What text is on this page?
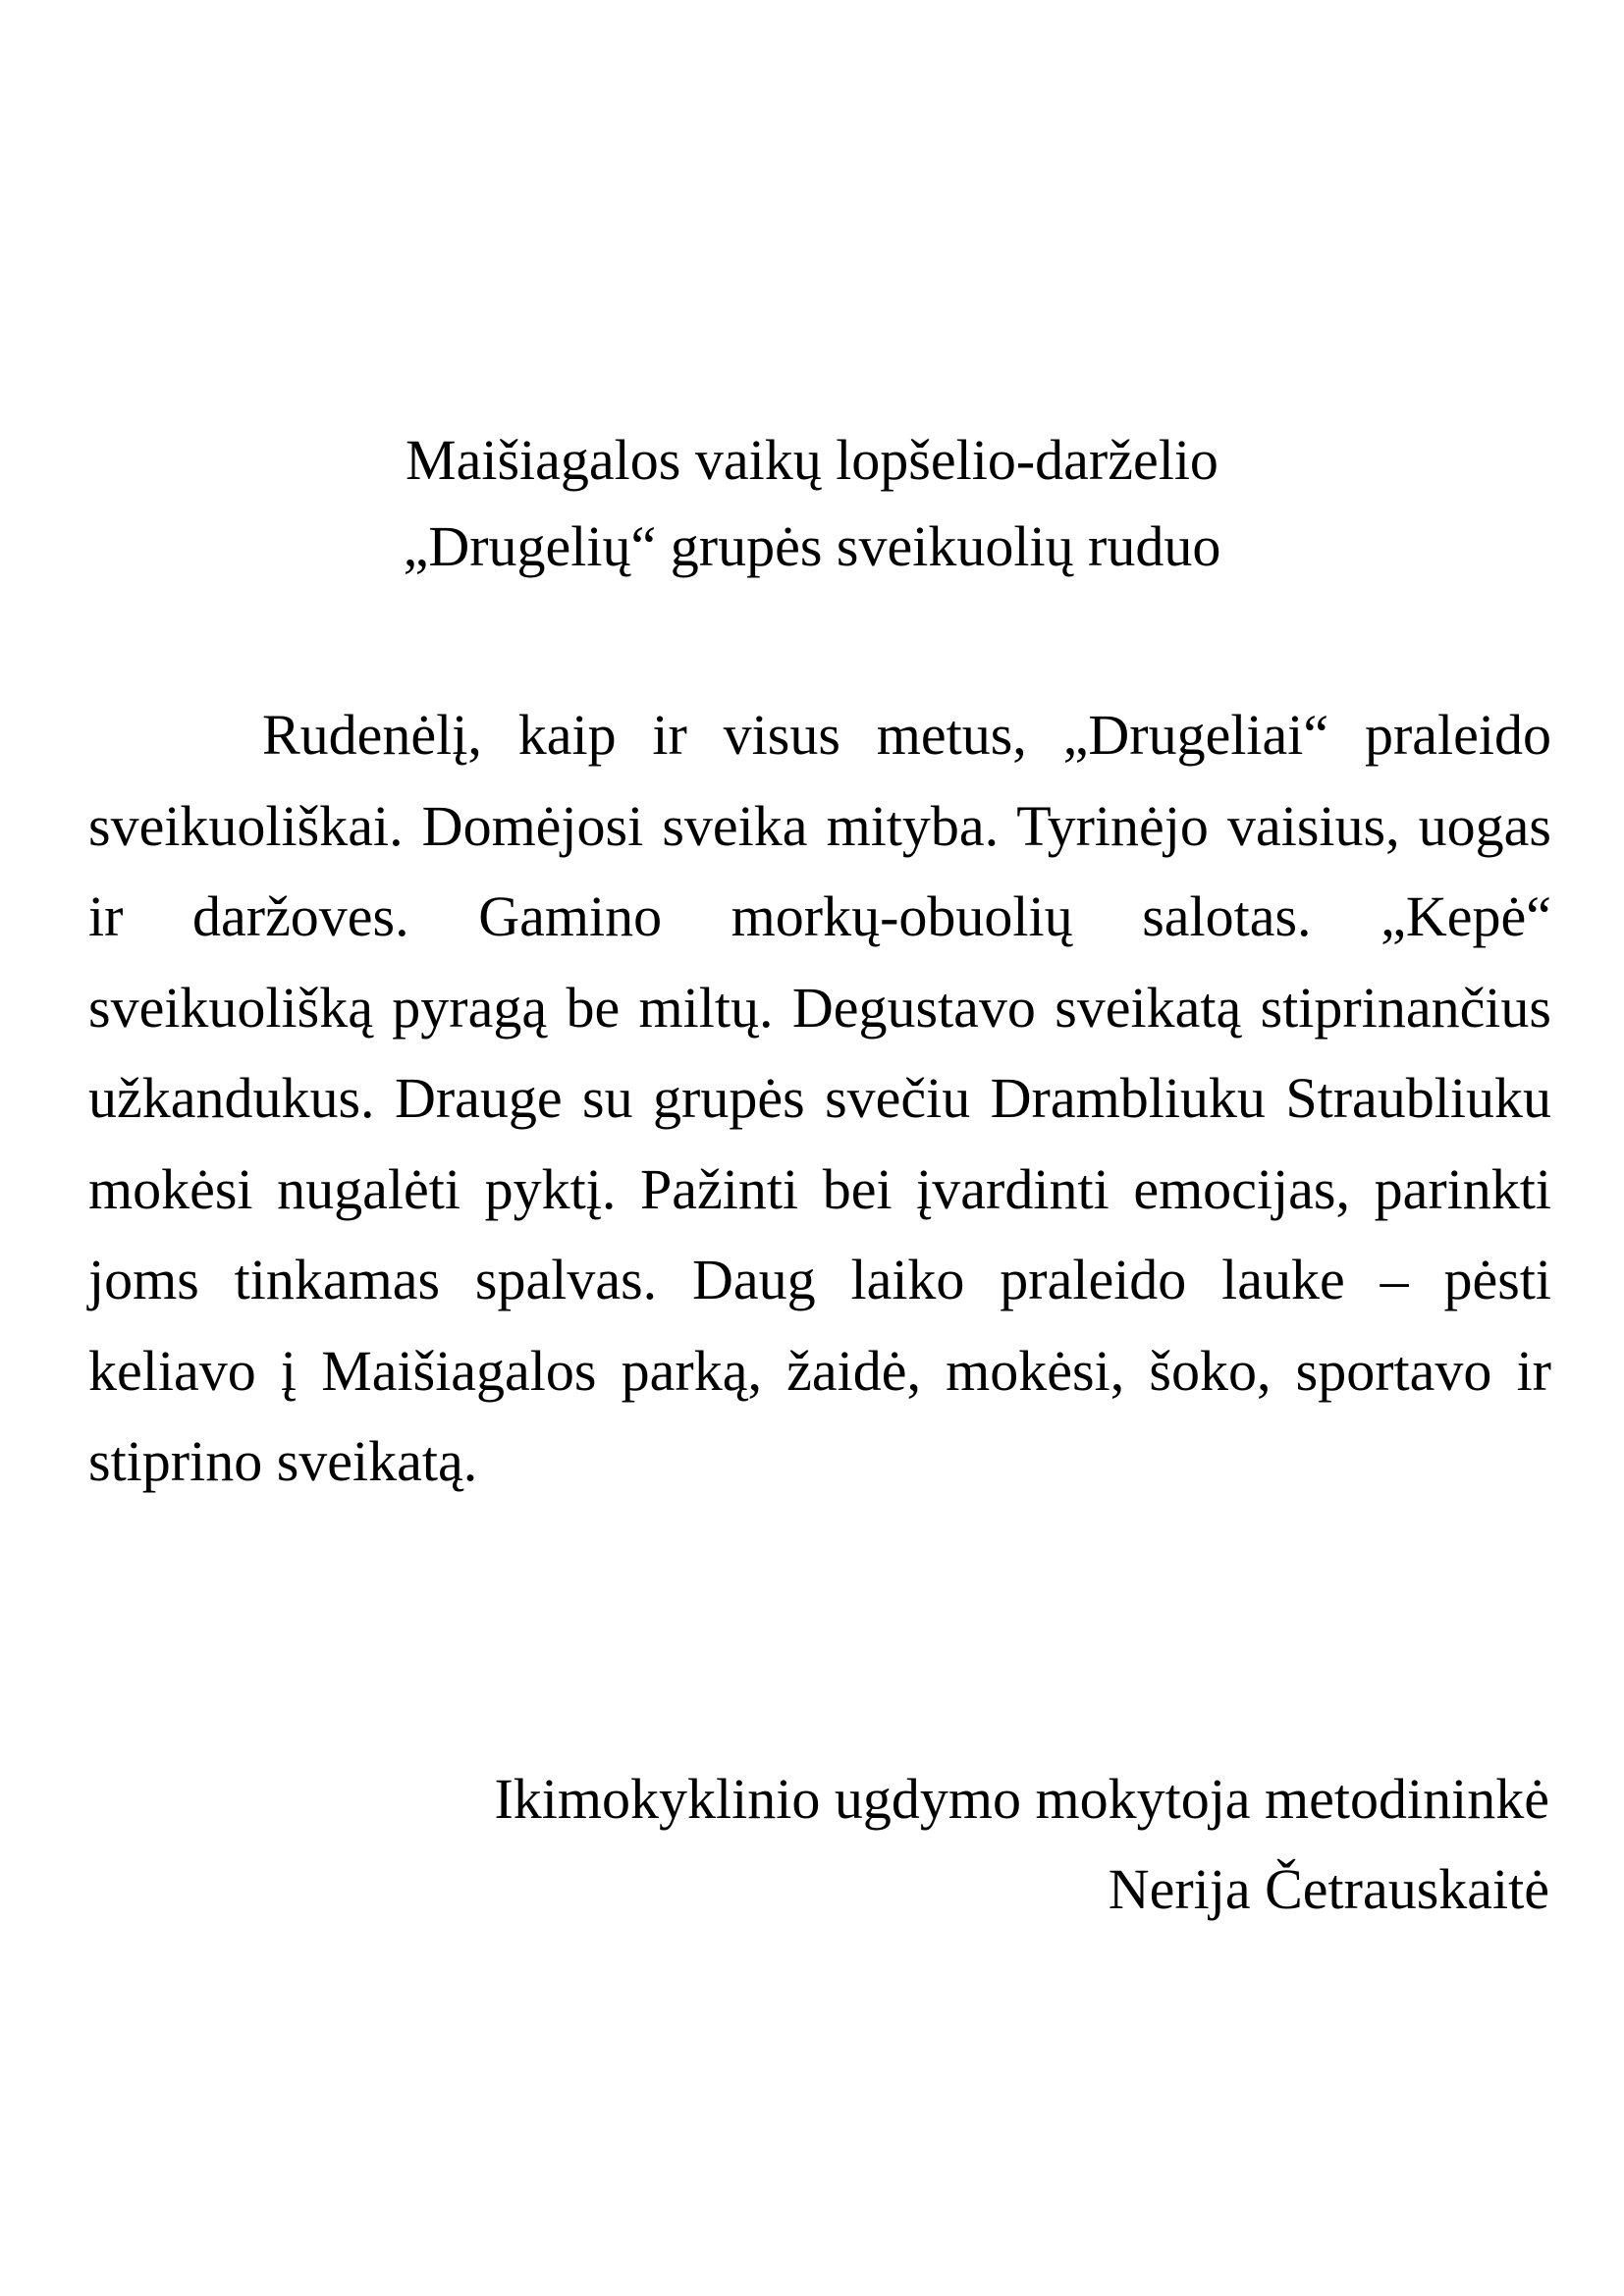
Maišiagalos vaikų lopšelio-darželio
„Drugelių“ grupės sveikuolių ruduo

Rudenėlį, kaip ir visus metus, „Drugeliai“ praleido sveikuoliškai. Domėjosi sveika mityba. Tyrinėjo vaisius, uogas ir daržoves. Gamino morkų-obuolių salotas. „Kepė“ sveikuolišką pyragą be miltų. Degustavo sveikatą stiprinančius užkandukus. Drauge su grupės svečiu Drambliuku Straubliuku mokėsi nugalėti pyktį. Pažinti bei įvardinti emocijas, parinkti joms tinkamas spalvas. Daug laiko praleido lauke – pėsti keliavo į Maišiagalos parką, žaidė, mokėsi, šoko, sportavo ir stiprino sveikatą.

Ikimokyklinio ugdymo mokytoja metodininkė
Nerija Četrauskaitė
